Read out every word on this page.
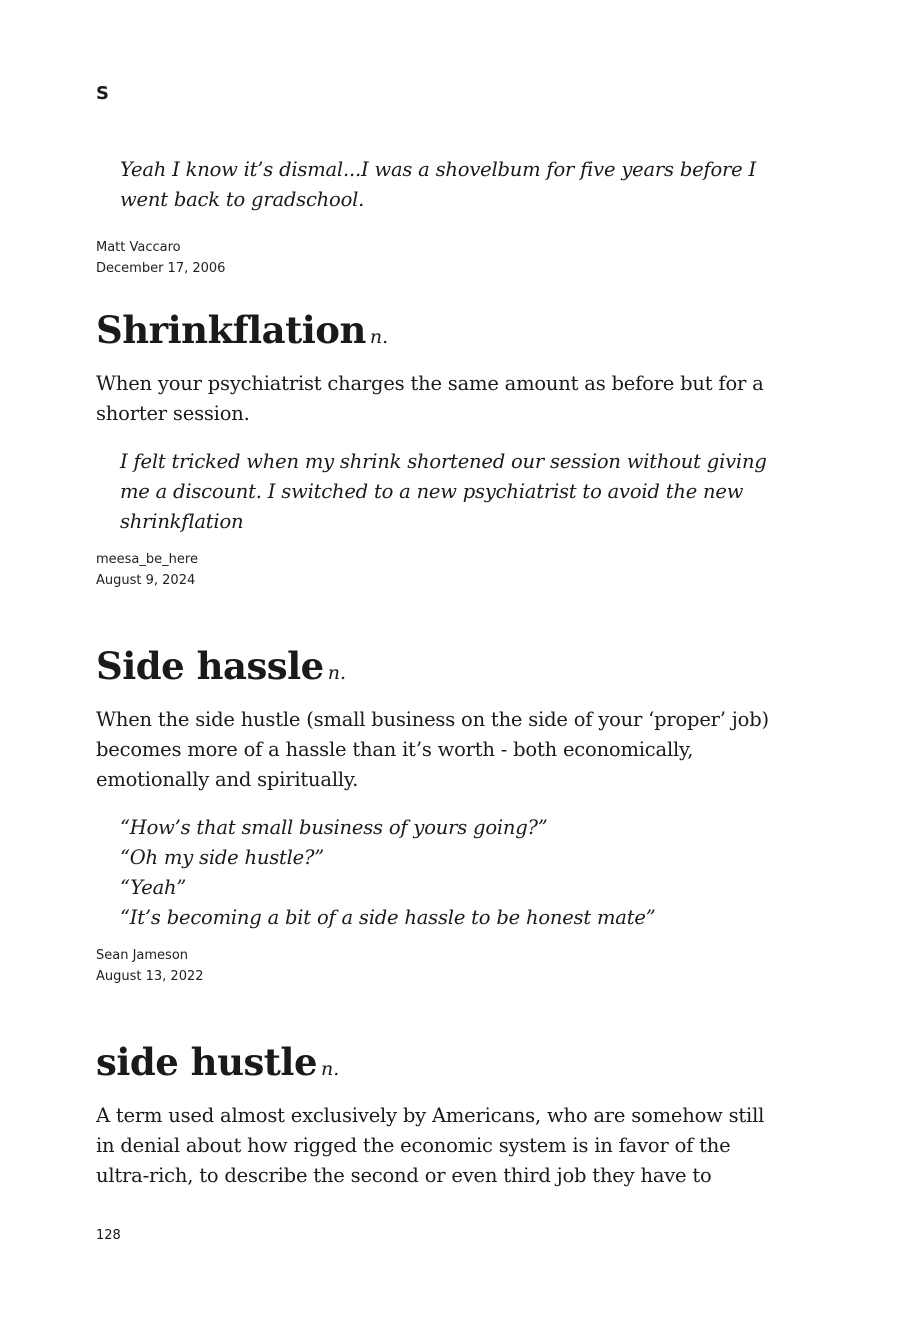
S

Yeah I know it’s dismal...I was a shovelbum for five years before I
went back to gradschool.

Matt Vaccaro
December 17, 2006
Shrinkflation n.

When your psychiatrist charges the same amount as before but for a shorter session.

I felt tricked when my shrink shortened our session without giving
me a discount. I switched to a new psychiatrist to avoid the new
shrinkflation

meesa_be_here
August 9, 2024
Side hassle n.

When the side hustle (small business on the side of your ‘proper’ job) becomes more of a hassle than it’s worth - both economically, emotionally and spiritually.

“How’s that small business of yours going?”
“Oh my side hustle?”
“Yeah”
“It’s becoming a bit of a side hassle to be honest mate”

Sean Jameson
August 13, 2022
side hustle n.

A term used almost exclusively by Americans, who are somehow still in denial about how rigged the economic system is in favor of the ultra-rich, to describe the second or even third job they have to

128
